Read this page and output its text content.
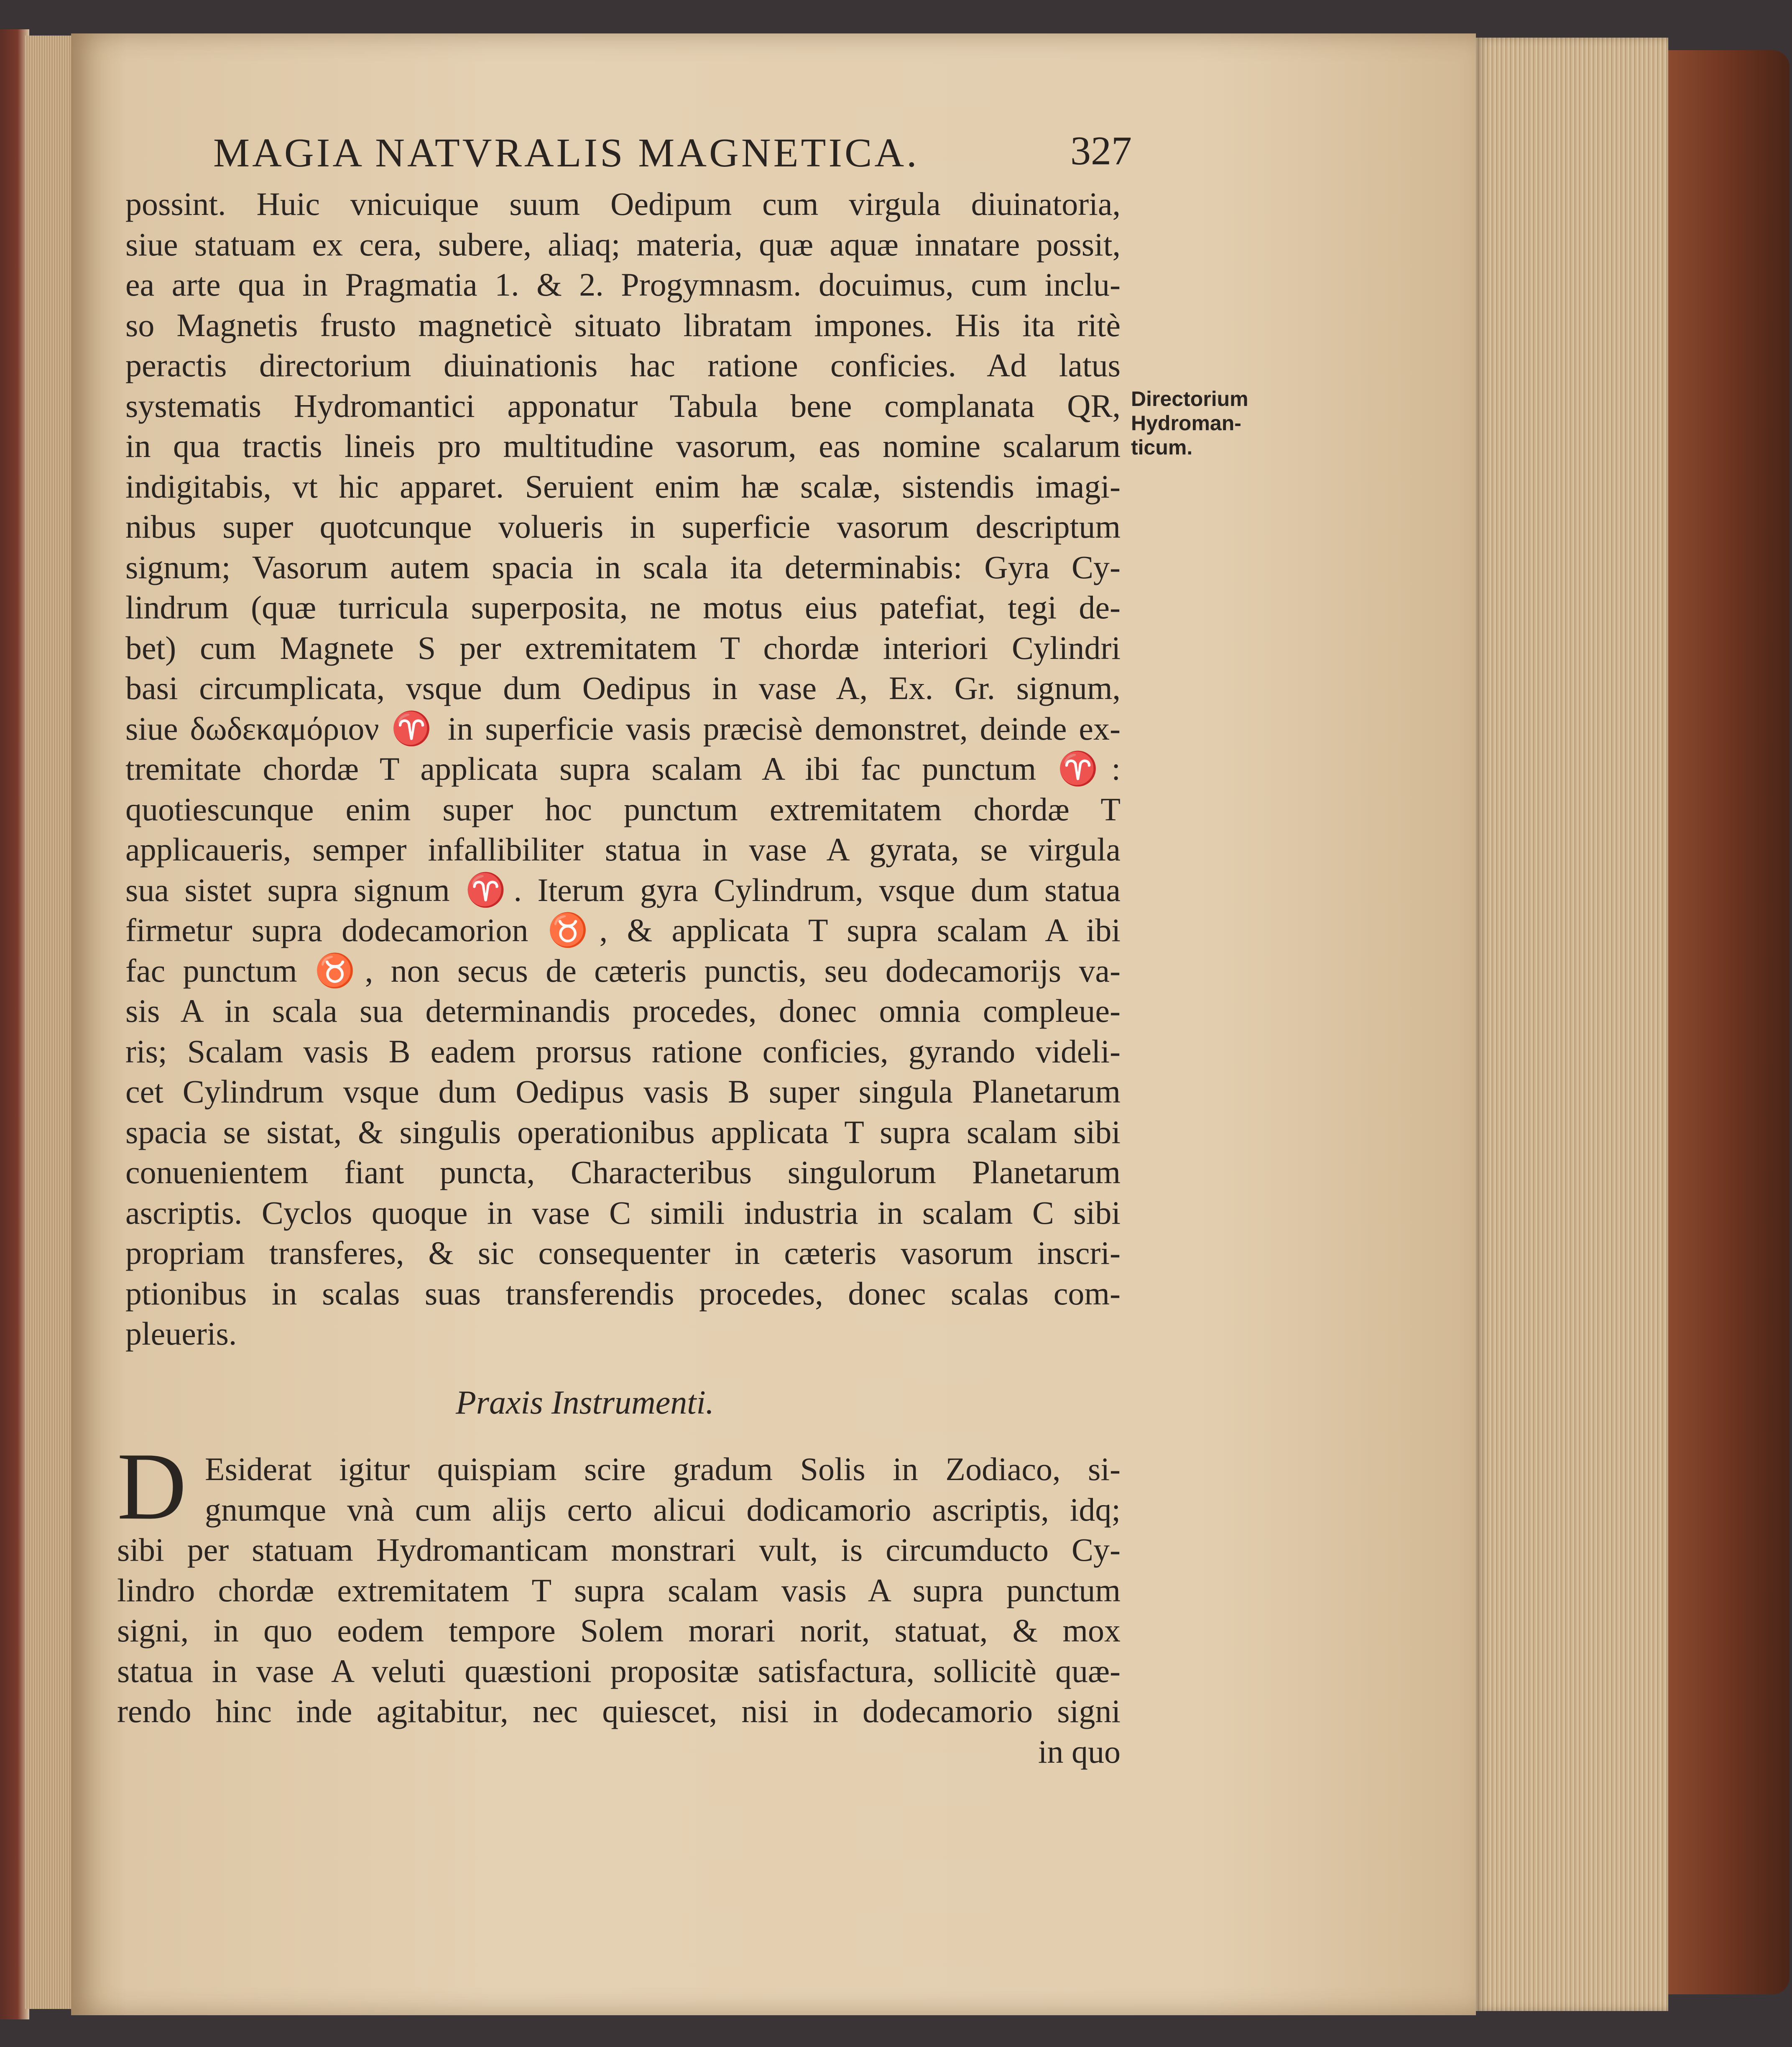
MAGIA NATVRALIS MAGNETICA.	327
Directorium
Hydroman-
ticum.
possint. Huic vnicuique suum Oedipum cum virgula diuinatoria,
siue statuam ex cera, subere, aliaq; materia, quæ aquæ innatare possit,
ea arte qua in Pragmatia 1. & 2. Progymnasm. docuimus, cum inclu-
so Magnetis frusto magneticè situato libratam impones. His ita ritè
peractis directorium diuinationis hac ratione conficies. Ad latus
systematis Hydromantici apponatur Tabula bene complanata QR,
in qua tractis lineis pro multitudine vasorum, eas nomine scalarum
indigitabis, vt hic apparet. Seruient enim hæ scalæ, sistendis imagi-
nibus super quotcunque volueris in superficie vasorum descriptum
signum; Vasorum autem spacia in scala ita determinabis: Gyra Cy-
lindrum (quæ turricula superposita, ne motus eius patefiat, tegi de-
bet) cum Magnete S per extremitatem T chordæ interiori Cylindri
basi circumplicata, vsque dum Oedipus in vase A, Ex. Gr. signum,
siue δωδεκαμόριον ♈ in superficie vasis præcisè demonstret, deinde ex-
tremitate chordæ T applicata supra scalam A ibi fac punctum ♈:
quotiescunque enim super hoc punctum extremitatem chordæ T
applicaueris, semper infallibiliter statua in vase A gyrata, se virgula
sua sistet supra signum ♈. Iterum gyra Cylindrum, vsque dum statua
firmetur supra dodecamorion ♉, & applicata T supra scalam A ibi
fac punctum ♉, non secus de cæteris punctis, seu dodecamorijs va-
sis A in scala sua determinandis procedes, donec omnia compleue-
ris; Scalam vasis B eadem prorsus ratione conficies, gyrando videli-
cet Cylindrum vsque dum Oedipus vasis B super singula Planetarum
spacia se sistat, & singulis operationibus applicata T supra scalam sibi
conuenientem fiant puncta, Characteribus singulorum Planetarum
ascriptis. Cyclos quoque in vase C simili industria in scalam C sibi
propriam transferes, & sic consequenter in cæteris vasorum inscri-
ptionibus in scalas suas transferendis procedes, donec scalas com-
pleueris.
Praxis Instrumenti.
D Esiderat igitur quispiam scire gradum Solis in Zodiaco, si-
gnumque vnà cum alijs certo alicui dodicamorio ascriptis, idq;
sibi per statuam Hydromanticam monstrari vult, is circumducto Cy-
lindro chordæ extremitatem T supra scalam vasis A supra punctum
signi, in quo eodem tempore Solem morari norit, statuat, & mox
statua in vase A veluti quæstioni propositæ satisfactura, sollicitè quæ-
rendo hinc inde agitabitur, nec quiescet, nisi in dodecamorio signi
in quo
